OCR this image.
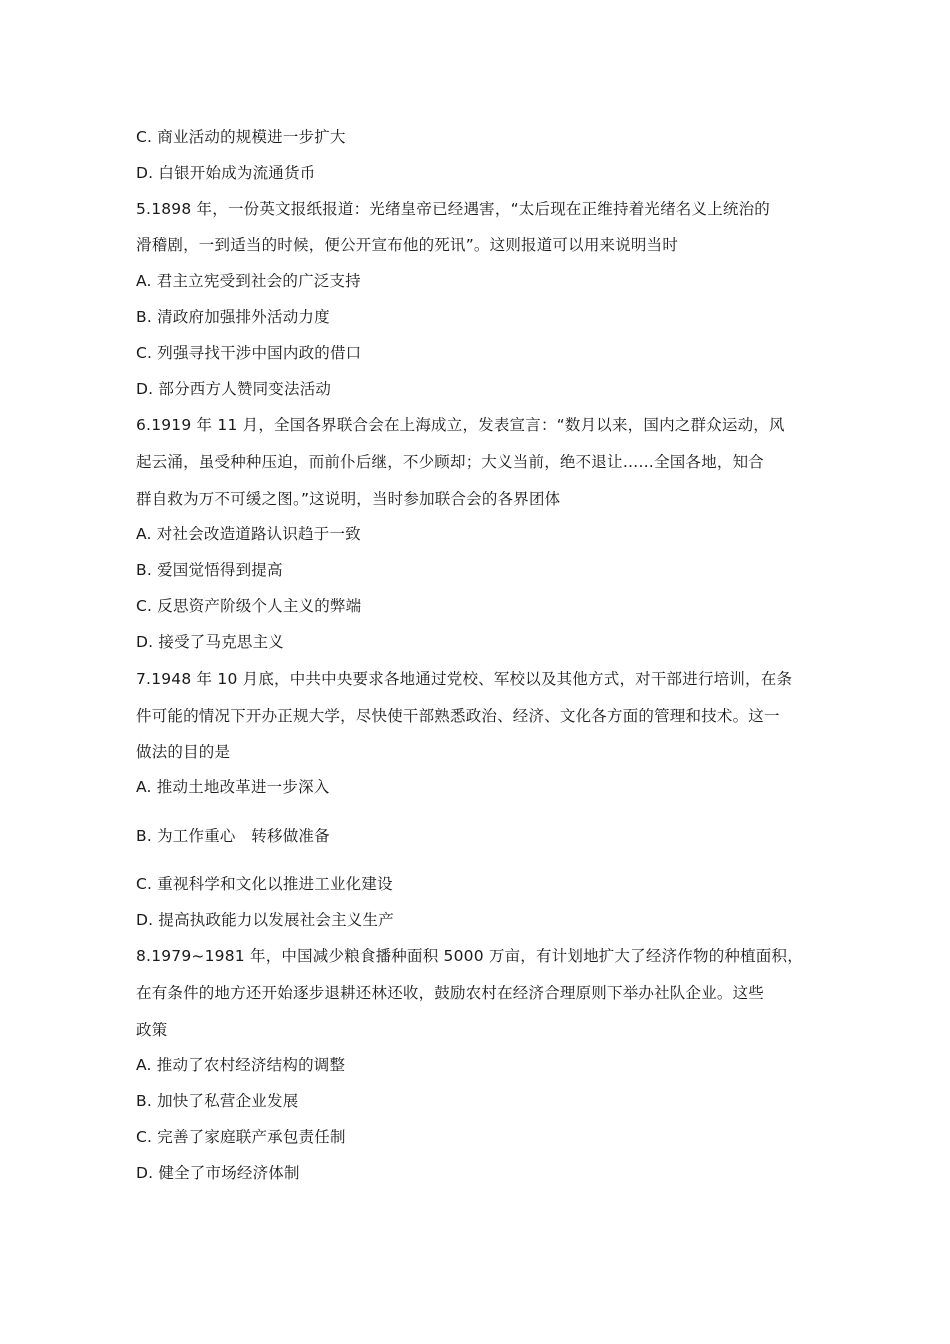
C. 商业活动的规模进一步扩大
D. 白银开始成为流通货币
5.1898 年，一份英文报纸报道：光绪皇帝已经遇害，“太后现在正维持着光绪名义上统治的
滑稽剧，一到适当的时候，便公开宣布他的死讯”。这则报道可以用来说明当时
A. 君主立宪受到社会的广泛支持
B. 清政府加强排外活动力度
C. 列强寻找干涉中国内政的借口
D. 部分西方人赞同变法活动
6.1919 年 11 月，全国各界联合会在上海成立，发表宣言：“数月以来，国内之群众运动，风
起云涌，虽受种种压迫，而前仆后继，不少顾却；大义当前，绝不退让……全国各地，知合
群自救为万不可缓之图。”这说明，当时参加联合会的各界团体
A. 对社会改造道路认识趋于一致
B. 爱国觉悟得到提高
C. 反思资产阶级个人主义的弊端
D. 接受了马克思主义
7.1948 年 10 月底，中共中央要求各地通过党校、军校以及其他方式，对干部进行培训，在条
件可能的情况下开办正规大学，尽快使干部熟悉政治、经济、文化各方面的管理和技术。这一
做法的目的是
A. 推动土地改革进一步深入
B. 为工作重心　转移做准备
C. 重视科学和文化以推进工业化建设
D. 提高执政能力以发展社会主义生产
8.1979~1981 年，中国减少粮食播种面积 5000 万亩，有计划地扩大了经济作物的种植面积，
在有条件的地方还开始逐步退耕还林还收，鼓励农村在经济合理原则下举办社队企业。这些
政策
A. 推动了农村经济结构的调整
B. 加快了私营企业发展
C. 完善了家庭联产承包责任制
D. 健全了市场经济体制
